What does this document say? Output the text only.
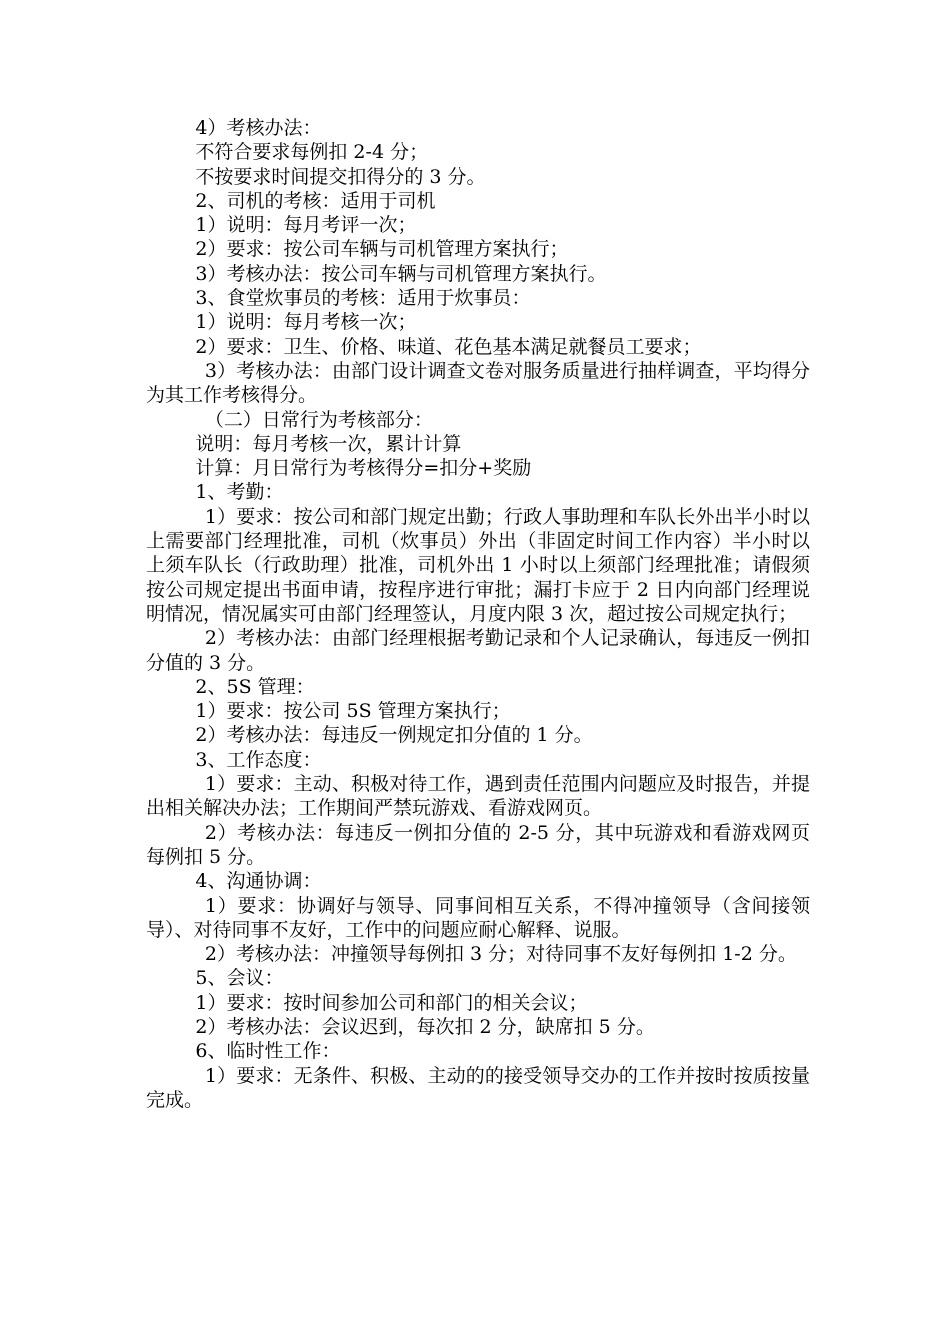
4）考核办法：

不符合要求每例扣 2-4 分；

不按要求时间提交扣得分的 3 分。

2、司机的考核：适用于司机

1）说明：每月考评一次；

2）要求：按公司车辆与司机管理方案执行；

3）考核办法：按公司车辆与司机管理方案执行。

3、食堂炊事员的考核：适用于炊事员：

1）说明：每月考核一次；

2）要求：卫生、价格、味道、花色基本满足就餐员工要求；

3）考核办法：由部门设计调查文卷对服务质量进行抽样调查，平均得分为其工作考核得分。

（二）日常行为考核部分：

说明：每月考核一次，累计计算

计算：月日常行为考核得分=扣分+奖励

1、考勤：

1）要求：按公司和部门规定出勤；行政人事助理和车队长外出半小时以上需要部门经理批准，司机（炊事员）外出（非固定时间工作内容）半小时以上须车队长（行政助理）批准，司机外出 1 小时以上须部门经理批准；请假须按公司规定提出书面申请，按程序进行审批；漏打卡应于 2 日内向部门经理说明情况，情况属实可由部门经理签认，月度内限 3 次，超过按公司规定执行；

2）考核办法：由部门经理根据考勤记录和个人记录确认，每违反一例扣分值的 3 分。

2、5S 管理：

1）要求：按公司 5S 管理方案执行；

2）考核办法：每违反一例规定扣分值的 1 分。

3、工作态度：

1）要求：主动、积极对待工作，遇到责任范围内问题应及时报告，并提出相关解决办法；工作期间严禁玩游戏、看游戏网页。

2）考核办法：每违反一例扣分值的 2-5 分，其中玩游戏和看游戏网页每例扣 5 分。

4、沟通协调：

1）要求：协调好与领导、同事间相互关系，不得冲撞领导（含间接领导）、对待同事不友好，工作中的问题应耐心解释、说服。

2）考核办法：冲撞领导每例扣 3 分；对待同事不友好每例扣 1-2 分。

5、会议：

1）要求：按时间参加公司和部门的相关会议；

2）考核办法：会议迟到，每次扣 2 分，缺席扣 5 分。

6、临时性工作：

1）要求：无条件、积极、主动的的接受领导交办的工作并按时按质按量完成。
